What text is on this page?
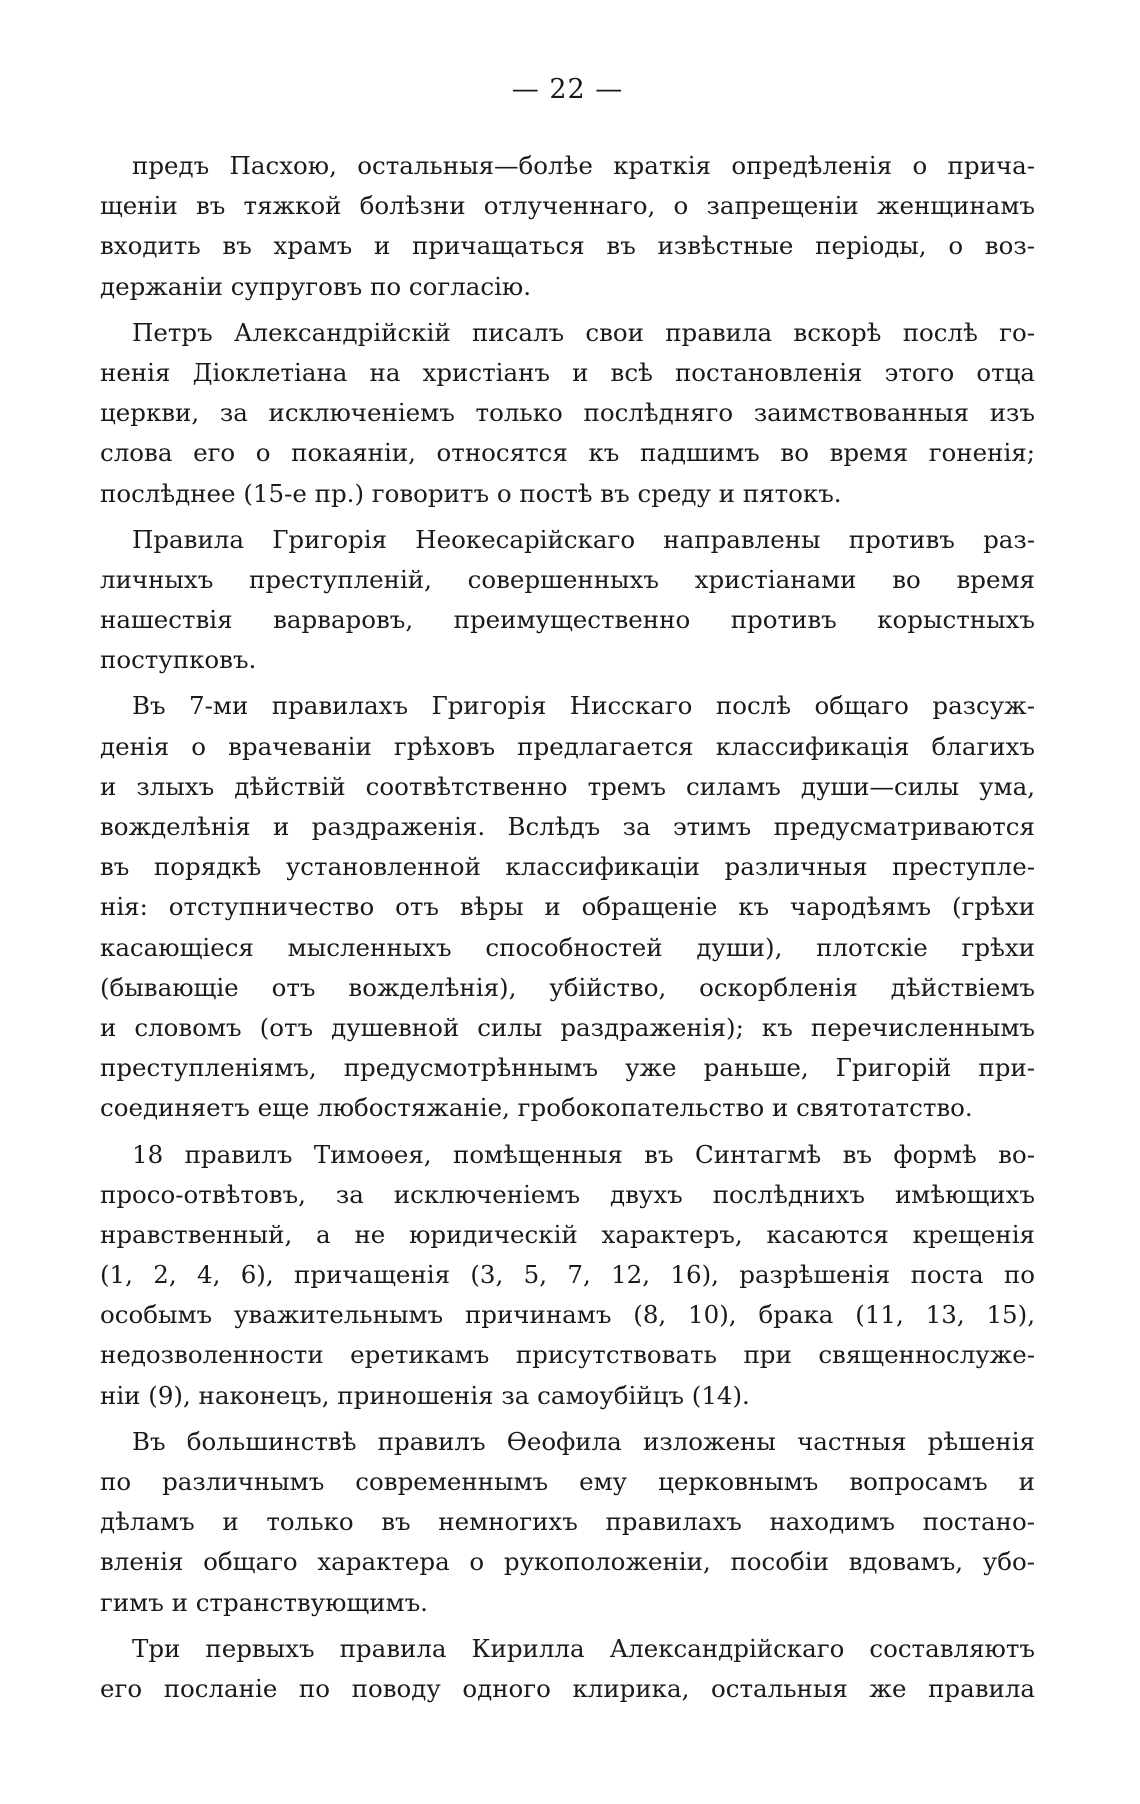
— 22 —
предъ Пасхою, остальныя—болѣе краткія опредѣленія о прича-
щеніи въ тяжкой болѣзни отлученнаго, о запрещеніи женщинамъ
входить въ храмъ и причащаться въ извѣстные періоды, о воз-
держаніи супруговъ по согласію.
Петръ Александрійскій писалъ свои правила вскорѣ послѣ го-
ненія Діоклетіана на христіанъ и всѣ постановленія этого отца
церкви, за исключеніемъ только послѣдняго заимствованныя изъ
слова его о покаяніи, относятся къ падшимъ во время гоненія;
послѣднее (15-е пр.) говоритъ о постѣ въ среду и пятокъ.
Правила Григорія Неокесарійскаго направлены противъ раз-
личныхъ преступленій, совершенныхъ христіанами во время
нашествія варваровъ, преимущественно противъ корыстныхъ
поступковъ.
Въ 7-ми правилахъ Григорія Нисскаго послѣ общаго разсуж-
денія о врачеваніи грѣховъ предлагается классификація благихъ
и злыхъ дѣйствій соотвѣтственно тремъ силамъ души—силы ума,
вожделѣнія и раздраженія. Вслѣдъ за этимъ предусматриваются
въ порядкѣ установленной классификаціи различныя преступле-
нія: отступничество отъ вѣры и обращеніе къ чародѣямъ (грѣхи
касающіеся мысленныхъ способностей души), плотскіе грѣхи
(бывающіе отъ вожделѣнія), убійство, оскорбленія дѣйствіемъ
и словомъ (отъ душевной силы раздраженія); къ перечисленнымъ
преступленіямъ, предусмотрѣннымъ уже раньше, Григорій при-
соединяетъ еще любостяжаніе, гробокопательство и святотатство.
18 правилъ Тимоѳея, помѣщенныя въ Синтагмѣ въ формѣ во-
просо-отвѣтовъ, за исключеніемъ двухъ послѣднихъ имѣющихъ
нравственный, а не юридическій характеръ, касаются крещенія
(1, 2, 4, 6), причащенія (3, 5, 7, 12, 16), разрѣшенія поста по
особымъ уважительнымъ причинамъ (8, 10), брака (11, 13, 15),
недозволенности еретикамъ присутствовать при священнослуже-
ніи (9), наконецъ, приношенія за самоубійцъ (14).
Въ большинствѣ правилъ Ѳеофила изложены частныя рѣшенія
по различнымъ современнымъ ему церковнымъ вопросамъ и
дѣламъ и только въ немногихъ правилахъ находимъ постано-
вленія общаго характера о рукоположеніи, пособіи вдовамъ, убо-
гимъ и странствующимъ.
Три первыхъ правила Кирилла Александрійскаго составляютъ
его посланіе по поводу одного клирика, остальныя же правила
